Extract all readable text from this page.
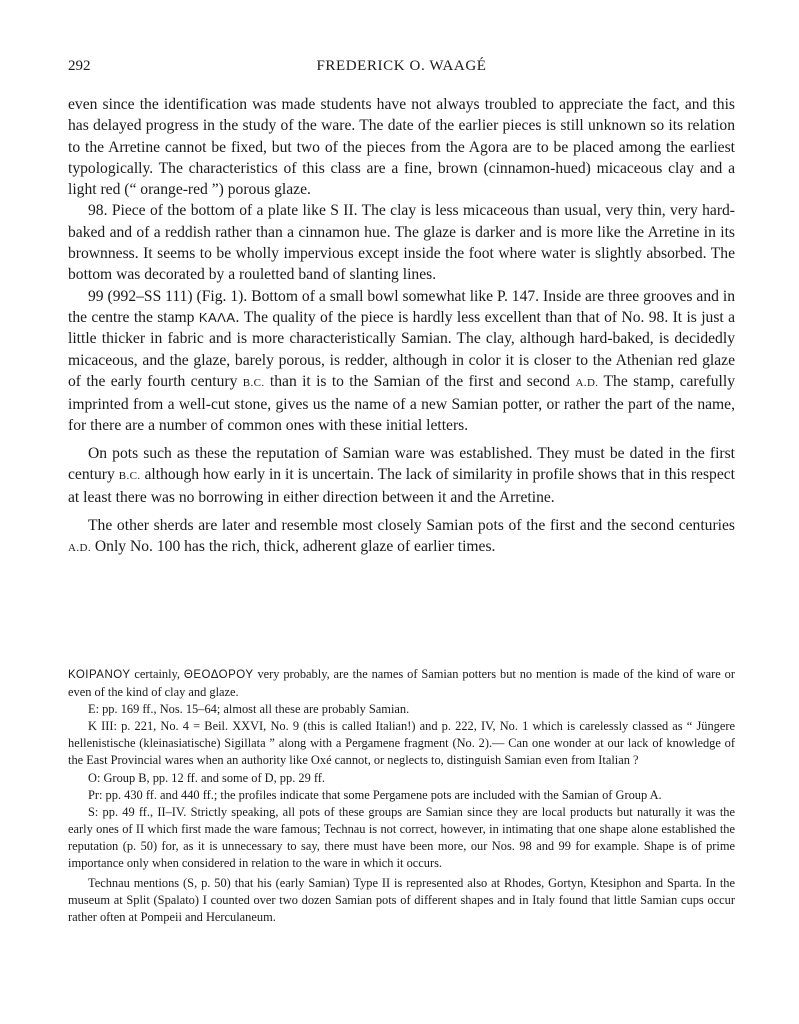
292	FREDERICK O. WAAGÉ

even since the identification was made students have not always troubled to appreciate the fact, and this has delayed progress in the study of the ware. The date of the earlier pieces is still unknown so its relation to the Arretine cannot be fixed, but two of the pieces from the Agora are to be placed among the earliest typologically. The characteristics of this class are a fine, brown (cinnamon-hued) micaceous clay and a light red (“ orange-red ”) porous glaze.

98. Piece of the bottom of a plate like S II. The clay is less micaceous than usual, very thin, very hard-baked and of a reddish rather than a cinnamon hue. The glaze is darker and is more like the Arretine in its brownness. It seems to be wholly impervious except inside the foot where water is slightly absorbed. The bottom was decorated by a rouletted band of slanting lines.

99 (992–SS 111) (Fig. 1). Bottom of a small bowl somewhat like P. 147. Inside are three grooves and in the centre the stamp ΚΑΛΑ. The quality of the piece is hardly less excellent than that of No. 98. It is just a little thicker in fabric and is more characteristically Samian. The clay, although hard-baked, is decidedly micaceous, and the glaze, barely porous, is redder, although in color it is closer to the Athenian red glaze of the early fourth century B.C. than it is to the Samian of the first and second A.D. The stamp, carefully imprinted from a well-cut stone, gives us the name of a new Samian potter, or rather the part of the name, for there are a number of common ones with these initial letters.

On pots such as these the reputation of Samian ware was established. They must be dated in the first century B.C. although how early in it is uncertain. The lack of similarity in profile shows that in this respect at least there was no borrowing in either direction between it and the Arretine.

The other sherds are later and resemble most closely Samian pots of the first and the second centuries A.D. Only No. 100 has the rich, thick, adherent glaze of earlier times.

ΚΟΙΡΑΝΟΥ certainly, ΘΕΟΔΟΡΟΥ very probably, are the names of Samian potters but no mention is made of the kind of ware or even of the kind of clay and glaze.

E: pp. 169 ff., Nos. 15–64; almost all these are probably Samian.

K III: p. 221, No. 4 = Beil. XXVI, No. 9 (this is called Italian!) and p. 222, IV, No. 1 which is carelessly classed as “ Jüngere hellenistische (kleinasiatische) Sigillata ” along with a Pergamene fragment (No. 2).— Can one wonder at our lack of knowledge of the East Provincial wares when an authority like Oxé cannot, or neglects to, distinguish Samian even from Italian ?

O: Group B, pp. 12 ff. and some of D, pp. 29 ff.

Pr: pp. 430 ff. and 440 ff.; the profiles indicate that some Pergamene pots are included with the Samian of Group A.

S: pp. 49 ff., II–IV. Strictly speaking, all pots of these groups are Samian since they are local products but naturally it was the early ones of II which first made the ware famous; Technau is not correct, however, in intimating that one shape alone established the reputation (p. 50) for, as it is unnecessary to say, there must have been more, our Nos. 98 and 99 for example. Shape is of prime importance only when considered in relation to the ware in which it occurs.

Technau mentions (S, p. 50) that his (early Samian) Type II is represented also at Rhodes, Gortyn, Ktesiphon and Sparta. In the museum at Split (Spalato) I counted over two dozen Samian pots of different shapes and in Italy found that little Samian cups occur rather often at Pompeii and Herculaneum.
